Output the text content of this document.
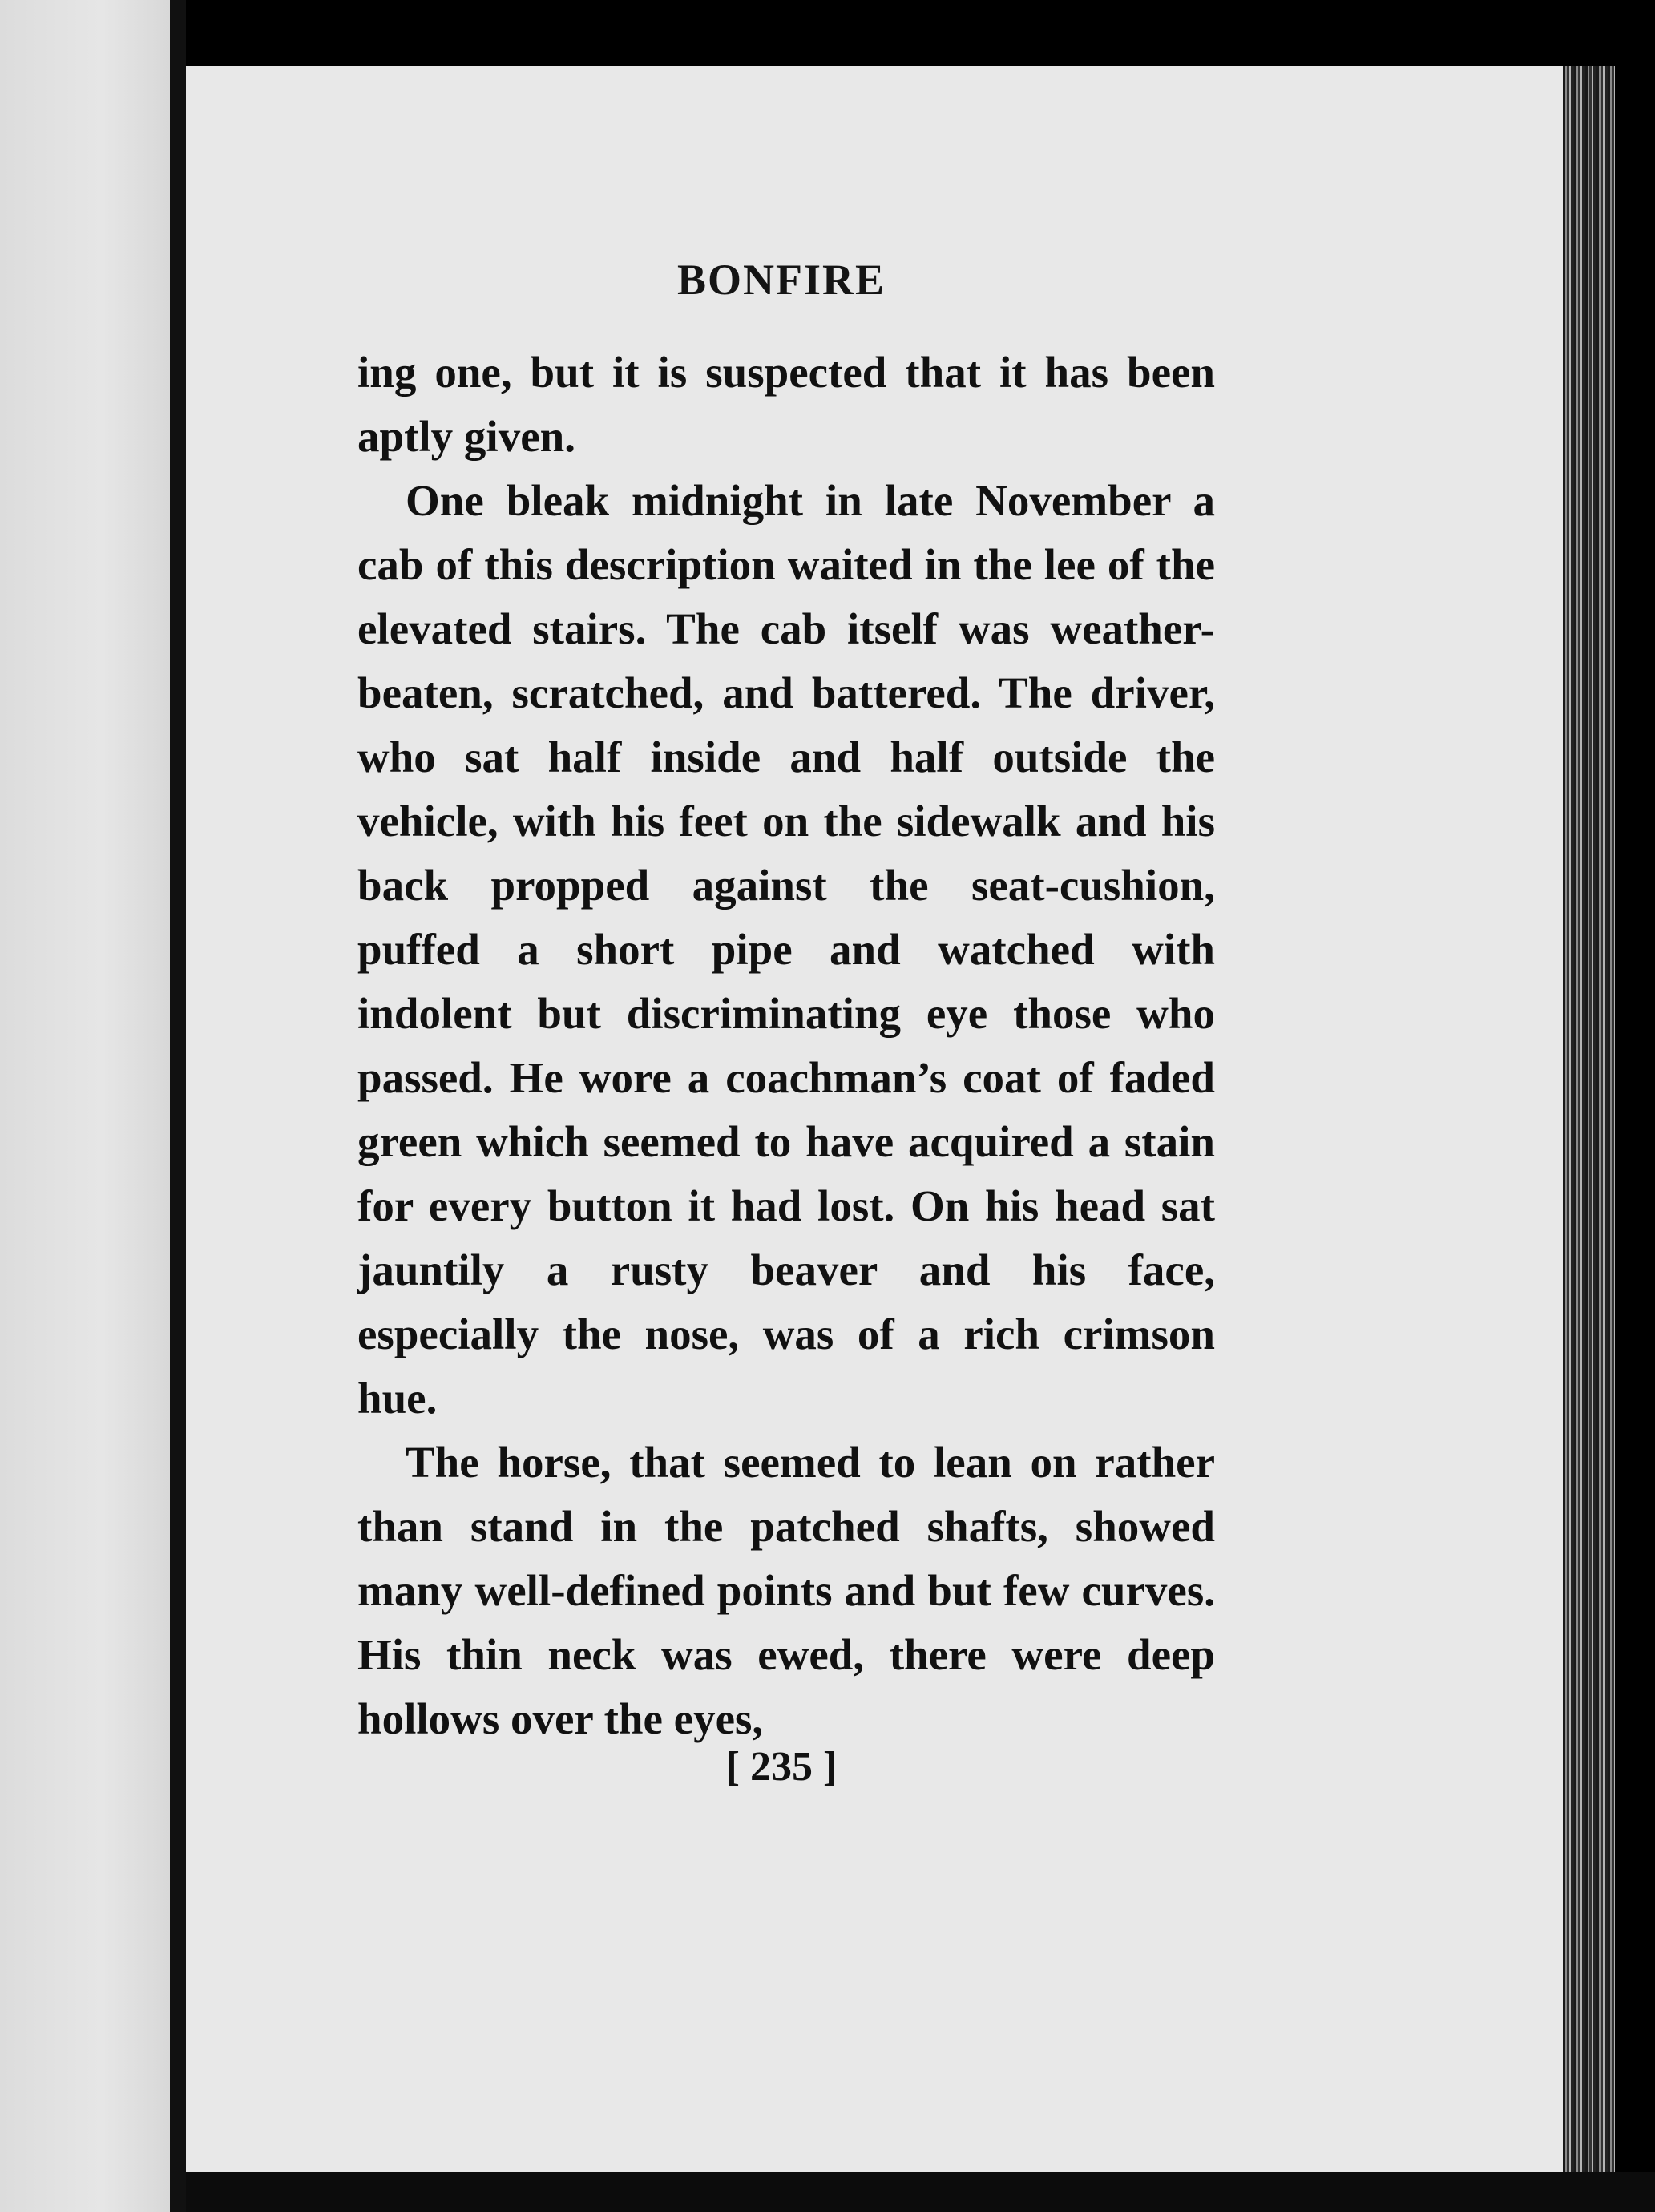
BONFIRE

ing one, but it is suspected that it has been aptly given.

One bleak midnight in late November a cab of this description waited in the lee of the elevated stairs. The cab itself was weather-beaten, scratched, and battered. The driver, who sat half inside and half outside the vehicle, with his feet on the sidewalk and his back propped against the seat-cushion, puffed a short pipe and watched with indolent but discriminating eye those who passed. He wore a coachman’s coat of faded green which seemed to have acquired a stain for every button it had lost. On his head sat jauntily a rusty beaver and his face, especially the nose, was of a rich crimson hue.

The horse, that seemed to lean on rather than stand in the patched shafts, showed many well-defined points and but few curves. His thin neck was ewed, there were deep hollows over the eyes,

[ 235 ]
